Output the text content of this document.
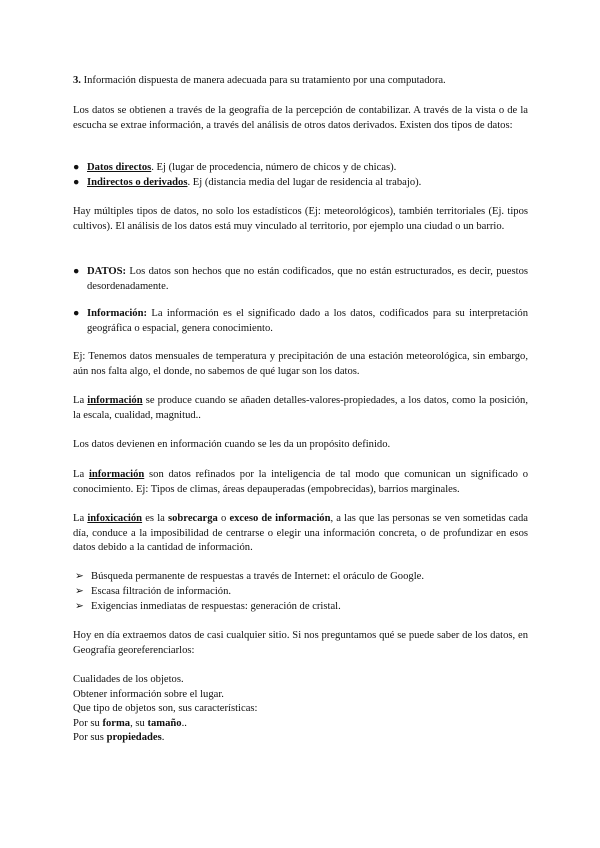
3. Información dispuesta de manera adecuada para su tratamiento por una computadora.

Los datos se obtienen a través de la geografía de la percepción de contabilizar. A través de la vista o de la escucha se extrae información, a través del análisis de otros datos derivados. Existen dos tipos de datos:

● Datos directos. Ej (lugar de procedencia, número de chicos y de chicas).

● Indirectos o derivados. Ej (distancia media del lugar de residencia al trabajo).

Hay múltiples tipos de datos, no solo los estadísticos (Ej: meteorológicos), también territoriales (Ej. tipos cultivos). El análisis de los datos está muy vinculado al territorio, por ejemplo una ciudad o un barrio.

● DATOS: Los datos son hechos que no están codificados, que no están estructurados, es decir, puestos desordenadamente.

● Información: La información es el significado dado a los datos, codificados para su interpretación geográfica o espacial, genera conocimiento.

Ej: Tenemos datos mensuales de temperatura y precipitación de una estación meteorológica, sin embargo, aún nos falta algo, el donde, no sabemos de qué lugar son los datos.

La información se produce cuando se añaden detalles-valores-propiedades, a los datos, como la posición, la escala, cualidad, magnitud..

Los datos devienen en información cuando se les da un propósito definido.

La información son datos refinados por la inteligencia de tal modo que comunican un significado o conocimiento. Ej: Tipos de climas, áreas depauperadas (empobrecidas), barrios marginales.

La infoxicación es la sobrecarga o exceso de información, a las que las personas se ven sometidas cada día, conduce a la imposibilidad de centrarse o elegir una información concreta, o de profundizar en esos datos debido a la cantidad de información.

➢ Búsqueda permanente de respuestas a través de Internet: el oráculo de Google.

➢ Escasa filtración de información.

➢ Exigencias inmediatas de respuestas: generación de cristal.

Hoy en día extraemos datos de casi cualquier sitio. Si nos preguntamos qué se puede saber de los datos, en Geografía georeferenciarlos:

Cualidades de los objetos.
Obtener información sobre el lugar.
Que tipo de objetos son, sus características:
Por su forma, su tamaño..
Por sus propiedades.
